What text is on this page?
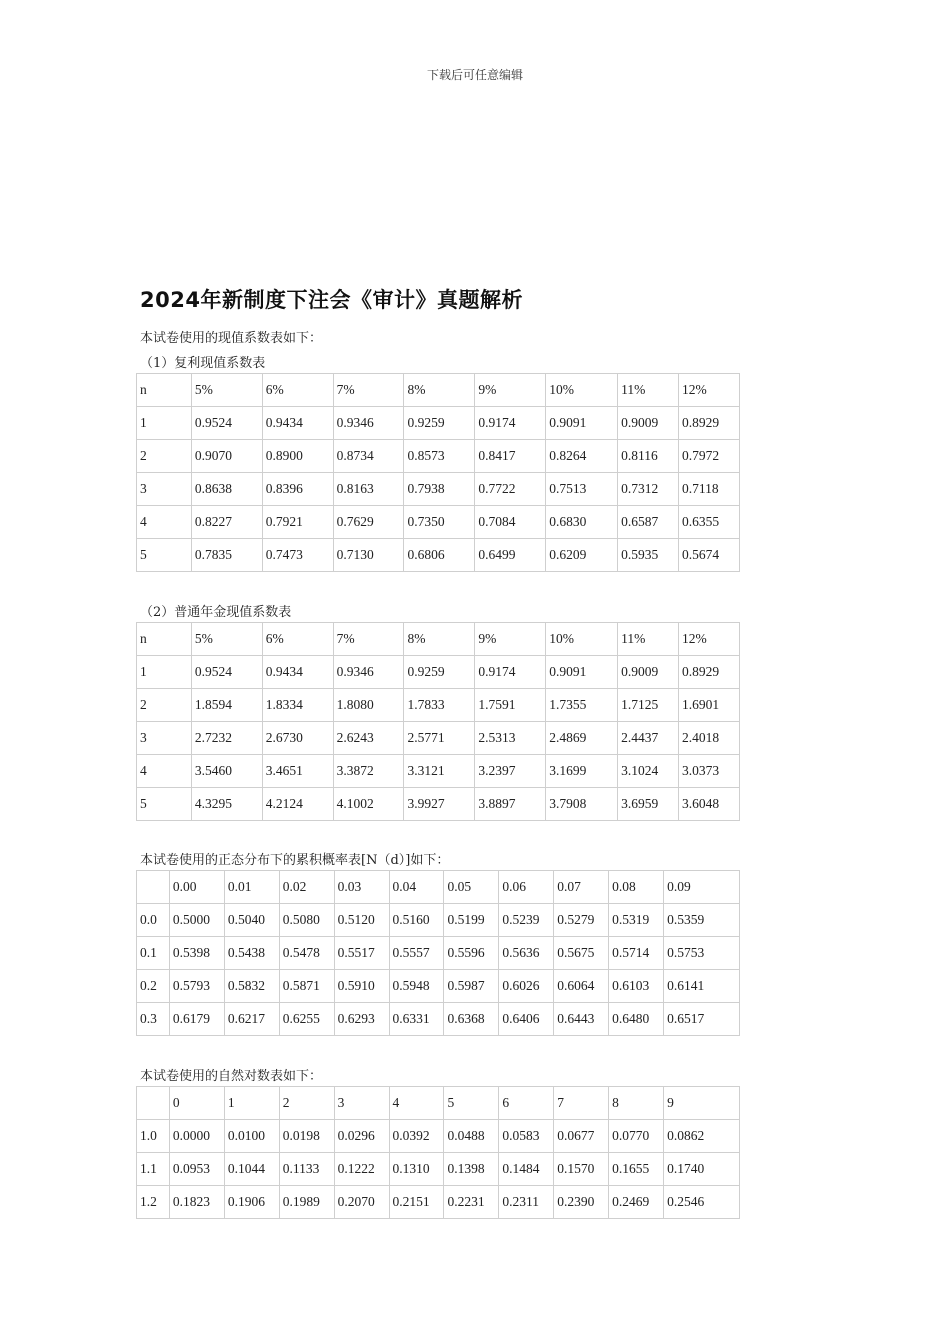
下载后可任意编辑
2024年新制度下注会《审计》真题解析

本试卷使用的现值系数表如下：

（1）复利现值系数表

n	5%	6%	7%	8%	9%	10%	11%	12%
1	0.9524	0.9434	0.9346	0.9259	0.9174	0.9091	0.9009	0.8929
2	0.9070	0.8900	0.8734	0.8573	0.8417	0.8264	0.8116	0.7972
3	0.8638	0.8396	0.8163	0.7938	0.7722	0.7513	0.7312	0.7118
4	0.8227	0.7921	0.7629	0.7350	0.7084	0.6830	0.6587	0.6355
5	0.7835	0.7473	0.7130	0.6806	0.6499	0.6209	0.5935	0.5674

（2）普通年金现值系数表

n	5%	6%	7%	8%	9%	10%	11%	12%
1	0.9524	0.9434	0.9346	0.9259	0.9174	0.9091	0.9009	0.8929
2	1.8594	1.8334	1.8080	1.7833	1.7591	1.7355	1.7125	1.6901
3	2.7232	2.6730	2.6243	2.5771	2.5313	2.4869	2.4437	2.4018
4	3.5460	3.4651	3.3872	3.3121	3.2397	3.1699	3.1024	3.0373
5	4.3295	4.2124	4.1002	3.9927	3.8897	3.7908	3.6959	3.6048

本试卷使用的正态分布下的累积概率表[N（d）]如下：

	0.00	0.01	0.02	0.03	0.04	0.05	0.06	0.07	0.08	0.09
0.0	0.5000	0.5040	0.5080	0.5120	0.5160	0.5199	0.5239	0.5279	0.5319	0.5359
0.1	0.5398	0.5438	0.5478	0.5517	0.5557	0.5596	0.5636	0.5675	0.5714	0.5753
0.2	0.5793	0.5832	0.5871	0.5910	0.5948	0.5987	0.6026	0.6064	0.6103	0.6141
0.3	0.6179	0.6217	0.6255	0.6293	0.6331	0.6368	0.6406	0.6443	0.6480	0.6517

本试卷使用的自然对数表如下：

	0	1	2	3	4	5	6	7	8	9
1.0	0.0000	0.0100	0.0198	0.0296	0.0392	0.0488	0.0583	0.0677	0.0770	0.0862
1.1	0.0953	0.1044	0.1133	0.1222	0.1310	0.1398	0.1484	0.1570	0.1655	0.1740
1.2	0.1823	0.1906	0.1989	0.2070	0.2151	0.2231	0.2311	0.2390	0.2469	0.2546
